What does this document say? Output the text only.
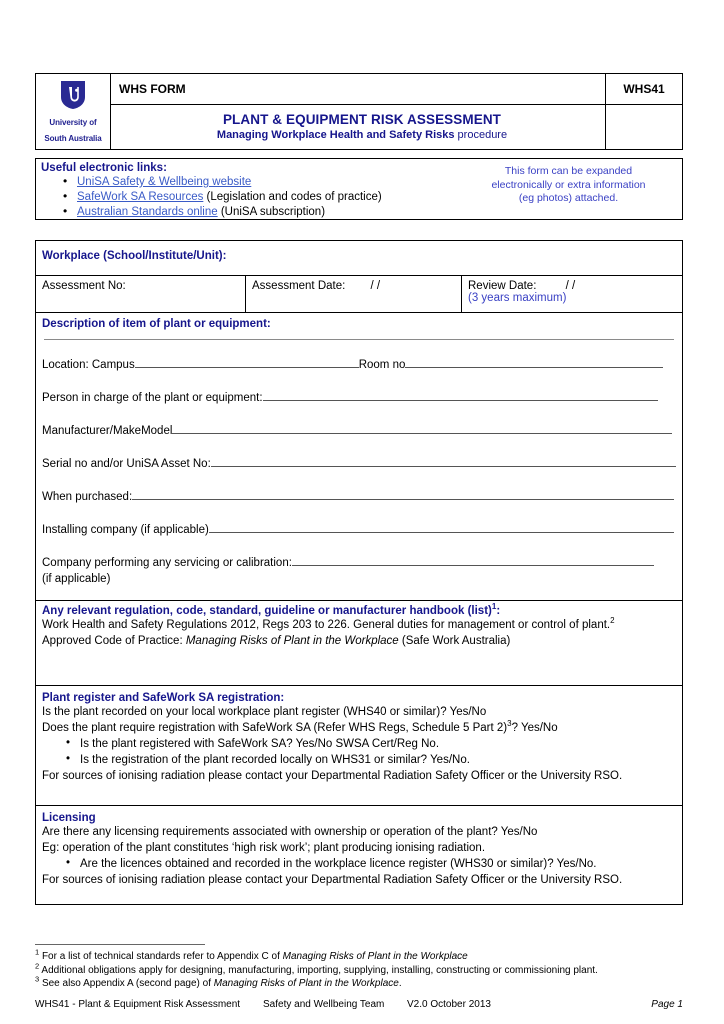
University of
South Australia	WHS FORM	WHS41

	PLANT & EQUIPMENT RISK ASSESSMENT
Managing Workplace Health and Safety Risks procedure	

Useful electronic links:
• UniSA Safety & Wellbeing website
• SafeWork SA Resources (Legislation and codes of practice)
• Australian Standards online (UniSA subscription)
This form can be expanded
electronically or extra information
(eg photos) attached.
Workplace (School/Institute/Unit):
Assessment No:	Assessment Date: / /	Review Date:	/ /
(3 years maximum)
Description of item of plant or equipment:
Location: Campus	Room no
Person in charge of the plant or equipment:
Manufacturer/MakeModel
Serial no and/or UniSA Asset No:
When purchased:
Installing company (if applicable)
Company performing any servicing or calibration:
(if applicable)
Any relevant regulation, code, standard, guideline or manufacturer handbook (list)$^1$:
Work Health and Safety Regulations 2012, Regs 203 to 226. General duties for management or control of plant.$^2$
Approved Code of Practice: Managing Risks of Plant in the Workplace (Safe Work Australia)
Plant register and SafeWork SA registration:
Is the plant recorded on your local workplace plant register (WHS40 or similar)? Yes/No
Does the plant require registration with SafeWork SA (Refer WHS Regs, Schedule 5 Part 2)$^3$? Yes/No
• Is the plant registered with SafeWork SA? Yes/No SWSA Cert/Reg No.
• Is the registration of the plant recorded locally on WHS31 or similar? Yes/No.
For sources of ionising radiation please contact your Departmental Radiation Safety Officer or the University RSO.
Licensing
Are there any licensing requirements associated with ownership or operation of the plant? Yes/No
Eg: operation of the plant constitutes ‘high risk work’; plant producing ionising radiation.
• Are the licences obtained and recorded in the workplace licence register (WHS30 or similar)? Yes/No.
For sources of ionising radiation please contact your Departmental Radiation Safety Officer or the University RSO.
$^1$ For a list of technical standards refer to Appendix C of Managing Risks of Plant in the Workplace
$^2$ Additional obligations apply for designing, manufacturing, importing, supplying, installing, constructing or commissioning plant.
$^3$ See also Appendix A (second page) of Managing Risks of Plant in the Workplace.
WHS41 - Plant & Equipment Risk Assessment Safety and Wellbeing Team V2.0 October 2013	Page 1
